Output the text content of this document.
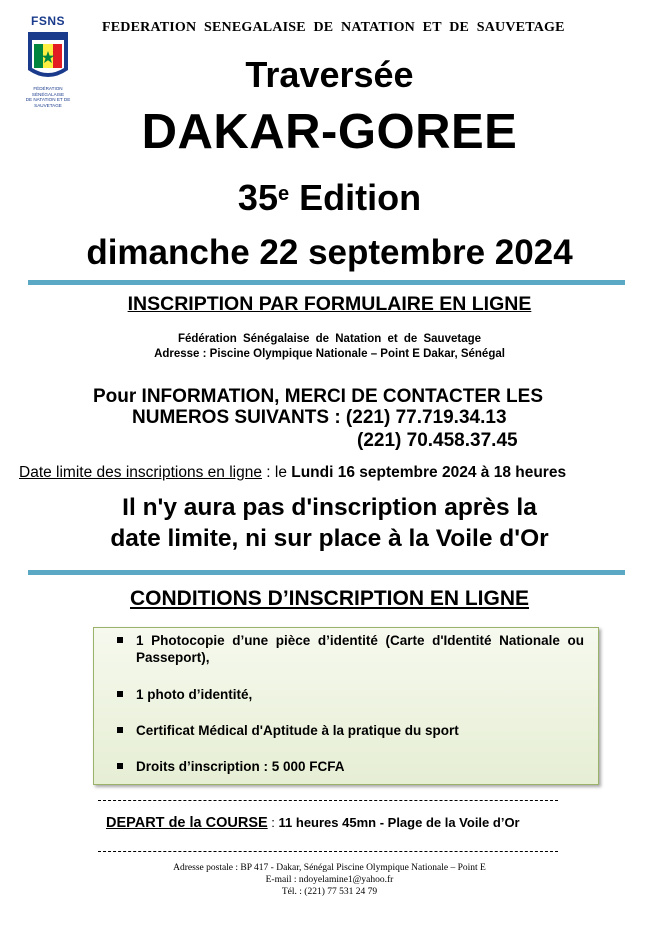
FSNS
FÉDÉRATION SÉNÉGALAISE
DE NATATION ET DE SAUVETAGE
FEDERATION SENEGALAISE DE NATATION ET DE SAUVETAGE
Traversée
DAKAR-GOREE
35e Edition
dimanche 22 septembre 2024
INSCRIPTION PAR FORMULAIRE EN LIGNE
Fédération Sénégalaise de Natation et de Sauvetage
Adresse : Piscine Olympique Nationale – Point E Dakar, Sénégal
Pour INFORMATION, MERCI DE CONTACTER LES
NUMEROS SUIVANTS : (221) 77.719.34.13
(221) 70.458.37.45
Date limite des inscriptions en ligne : le Lundi 16 septembre 2024 à 18 heures
Il n'y aura pas d'inscription après la
date limite, ni sur place à la Voile d'Or
CONDITIONS D’INSCRIPTION EN LIGNE
1 Photocopie d’une pièce d’identité (Carte d'Identité Nationale ou Passeport),
1 photo d’identité,
Certificat Médical d'Aptitude à la pratique du sport
Droits d’inscription : 5 000 FCFA
DEPART de la COURSE : 11 heures 45mn - Plage de la Voile d’Or
Adresse postale : BP 417 - Dakar, Sénégal Piscine Olympique Nationale – Point E
E-mail : ndoyelamine1@yahoo.fr
Tél. : (221) 77 531 24 79
